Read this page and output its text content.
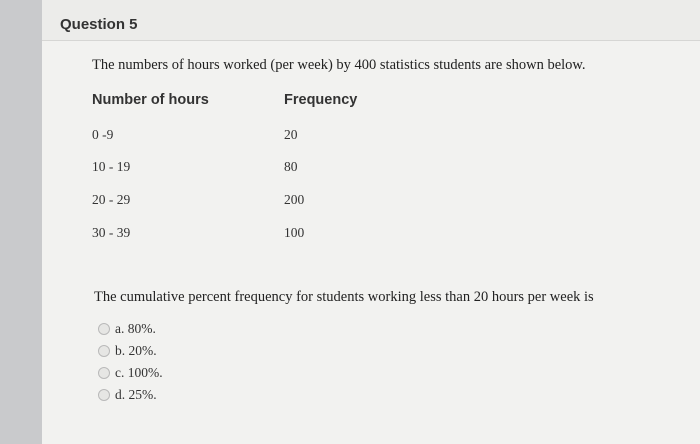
Question 5
The numbers of hours worked (per week) by 400 statistics students are shown below.
Number of hours	Frequency
0 -9	20
10 - 19	80
20 - 29	200
30 - 39	100
The cumulative percent frequency for students working less than 20 hours per week is
a. 80%.
b. 20%.
c. 100%.
d. 25%.
